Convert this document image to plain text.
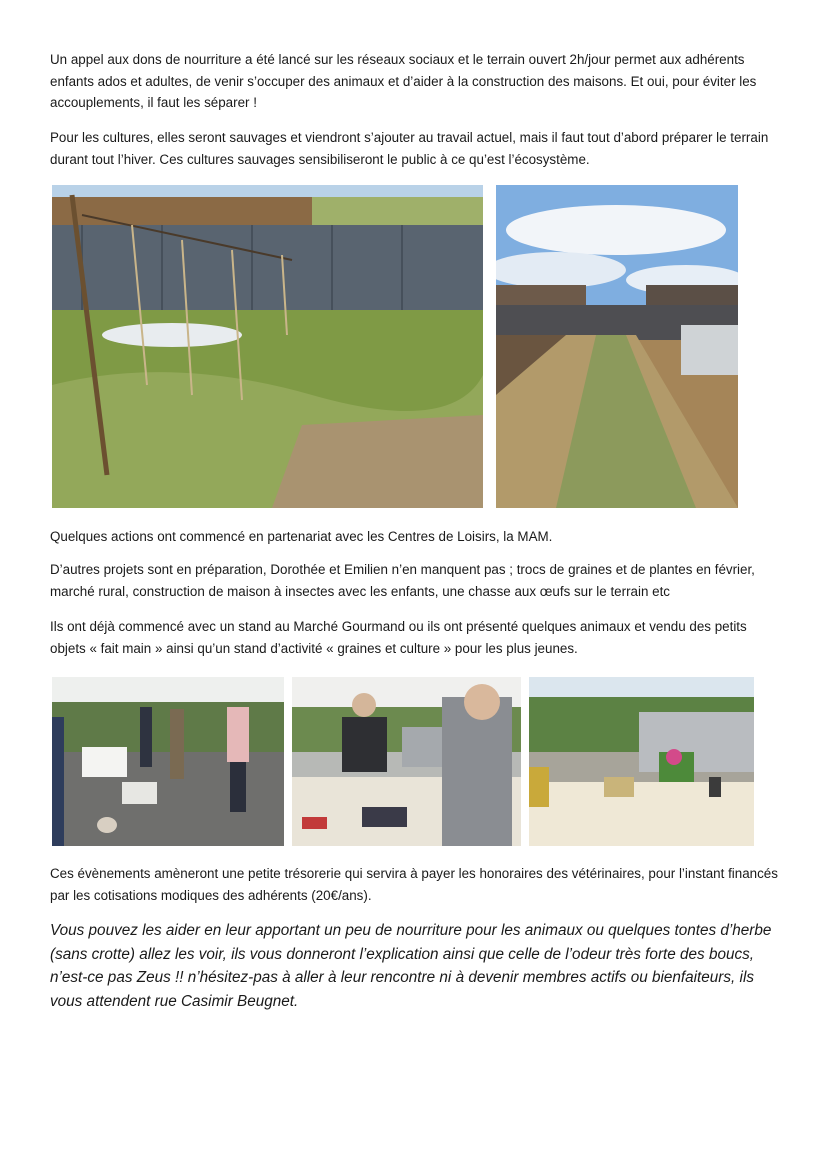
Un appel aux dons de nourriture a été lancé sur les réseaux sociaux et le terrain ouvert 2h/jour permet aux adhérents enfants ados et adultes, de venir s’occuper des animaux et d’aider à la construction des maisons. Et oui, pour éviter les accouplements, il faut les séparer !

Pour les cultures, elles seront sauvages et viendront s’ajouter au travail actuel, mais il faut tout d’abord préparer le terrain durant tout l’hiver. Ces cultures sauvages sensibiliseront le public à ce qu’est l’écosystème.

Quelques actions ont commencé en partenariat avec les Centres de Loisirs, la MAM.

D’autres projets sont en préparation, Dorothée et Emilien n’en manquent pas ; trocs de graines et de plantes en février, marché rural, construction de maison à insectes avec les enfants, une chasse aux œufs sur le terrain etc

Ils ont déjà commencé avec un stand au Marché Gourmand ou ils ont présenté quelques animaux et vendu des petits objets « fait main » ainsi qu’un stand d’activité « graines et culture » pour les plus jeunes.

Ces évènements amèneront une petite trésorerie qui servira à payer les honoraires des vétérinaires, pour l’instant financés par les cotisations modiques des adhérents (20€/ans).

Vous pouvez les aider en leur apportant un peu de nourriture pour les animaux ou quelques tontes d’herbe (sans crotte) allez les voir, ils vous donneront l’explication ainsi que celle de l’odeur très forte des boucs, n’est-ce pas Zeus !! n’hésitez-pas à aller à leur rencontre ni à devenir membres actifs ou bienfaiteurs, ils vous attendent rue Casimir Beugnet.
